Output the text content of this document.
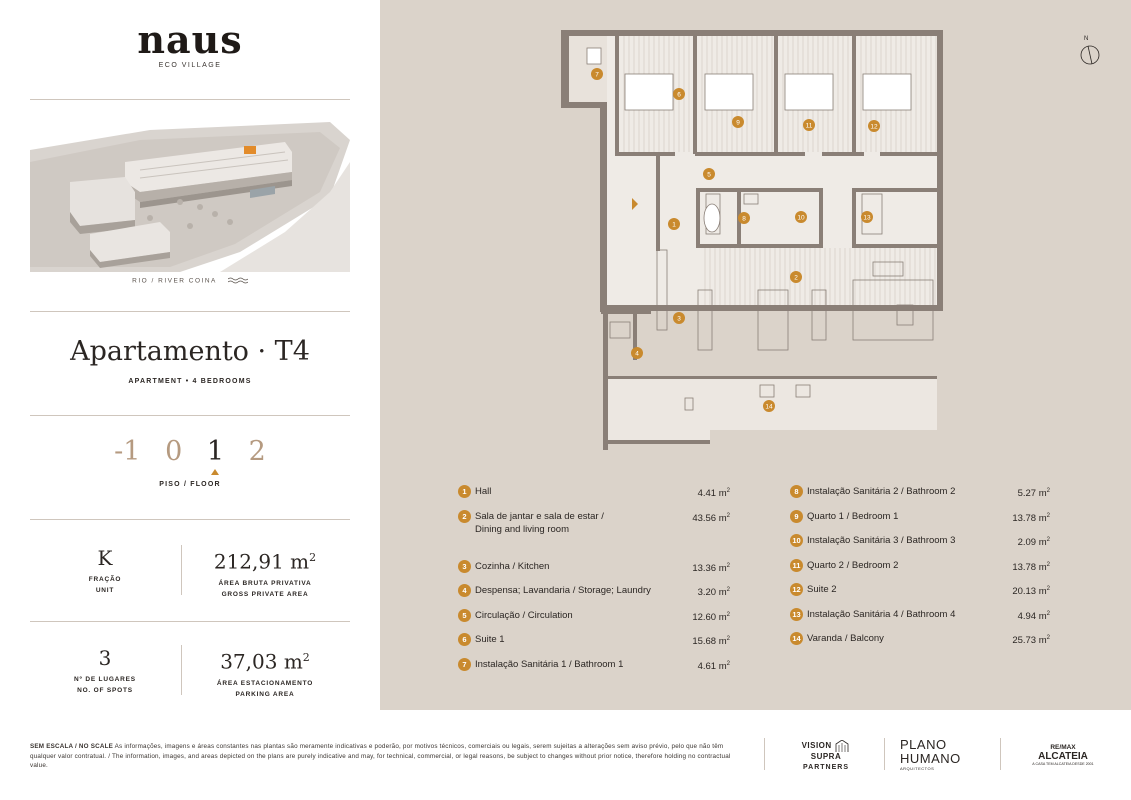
naus
ECO VILLAGE
RIO / RIVER COINA
Apartamento · T4
APARTMENT • 4 BEDROOMS
-1 0 1 2
PISO / FLOOR
K
FRAÇÃO
UNIT
212,91 $m^2$
ÁREA BRUTA PRIVATIVA
GROSS PRIVATE AREA
3
Nº DE LUGARES
NO. OF SPOTS
37,03 $m^2$
ÁREA ESTACIONAMENTO
PARKING AREA
1
2
3
4
5
6
7
8
9
10
11	12
13
14
N
1 Hall	4.41 $m^2$
2 Sala de jantar e sala de estar /
Dining and living room
43.56 $m^2$
3 Cozinha / Kitchen	13.36 $m^2$
4 Despensa; Lavandaria / Storage; Laundry	3.20 $m^2$
5 Circulação / Circulation	12.60 $m^2$
6 Suite 1	15.68 $m^2$
7 Instalação Sanitária 1 / Bathroom 1	4.61 $m^2$
8 Instalação Sanitária 2 / Bathroom 2	5.27 $m^2$
9 Quarto 1 / Bedroom 1	13.78 $m^2$
10 Instalação Sanitária 3 / Bathroom 3	2.09 $m^2$
11 Quarto 2 / Bedroom 2	13.78 $m^2$
12 Suite 2	20.13 $m^2$
13 Instalação Sanitária 4 / Bathroom 4	4.94 $m^2$
14 Varanda / Balcony	25.73 $m^2$
SEM ESCALA / NO SCALE As informações, imagens e áreas constantes nas plantas são meramente indicativas e poderão, por motivos técnicos, comerciais ou legais, serem sujeitas a alterações sem aviso prévio, pelo que não têm qualquer valor contratual. / The information, images, and areas depicted on the plans are purely indicative and may, for technical, commercial, or legal reasons, be subject to changes without prior notice, therefore holding no contractual value.
VISION  SUPRA
PARTNERS
PLANO
HUMANO
ARQUITECTOS
RE/MAX
ALCATEIA
A CASA TEM ALCATEIA DESDE 2001
